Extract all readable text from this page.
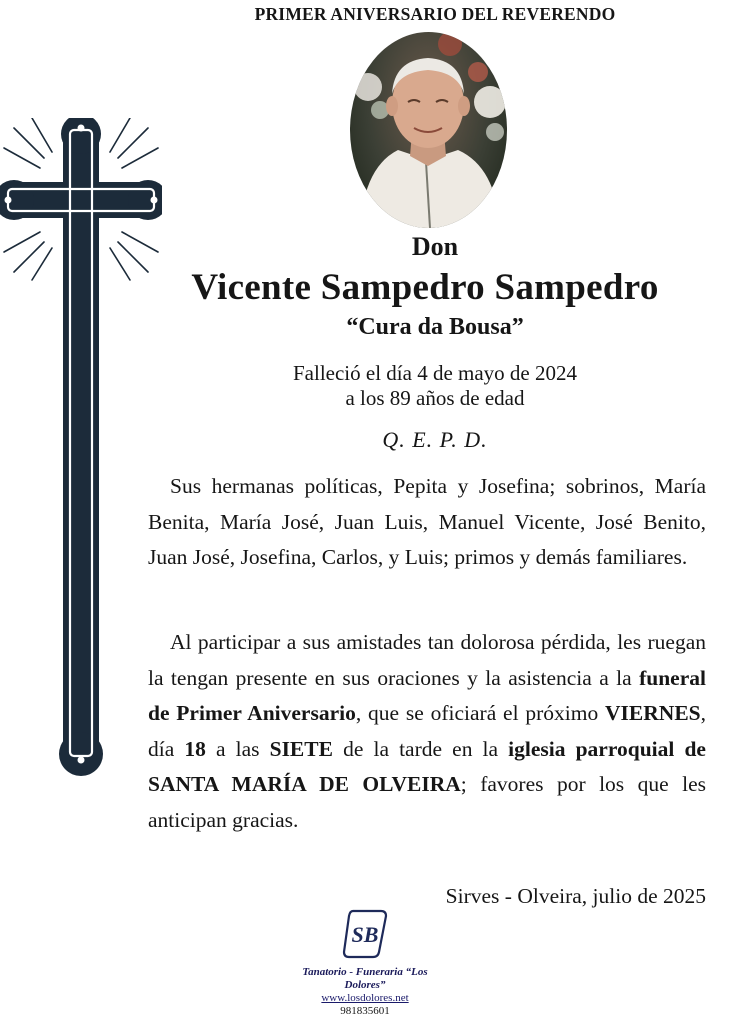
PRIMER ANIVERSARIO DEL REVERENDO
Don
Vicente Sampedro Sampedro
“Cura da Bousa”
Falleció el día 4 de mayo de 2024
a los 89 años de edad
Q. E. P. D.

Sus hermanas políticas, Pepita y Josefina; sobrinos, María Benita, María José, Juan Luis, Manuel Vicente, José Benito, Juan José, Josefina, Carlos, y Luis; primos y demás familiares.

Al participar a sus amistades tan dolorosa pérdida, les ruegan la tengan presente en sus oraciones y la asistencia a la funeral de Primer Aniversario, que se oficiará el próximo VIERNES, día 18 a las SIETE de la tarde en la iglesia parroquial de SANTA MARÍA DE OLVEIRA; favores por los que les anticipan gracias.

Sirves - Olveira, julio de 2025
SB
Tanatorio - Funeraria “Los Dolores”
www.losdolores.net
981835601
